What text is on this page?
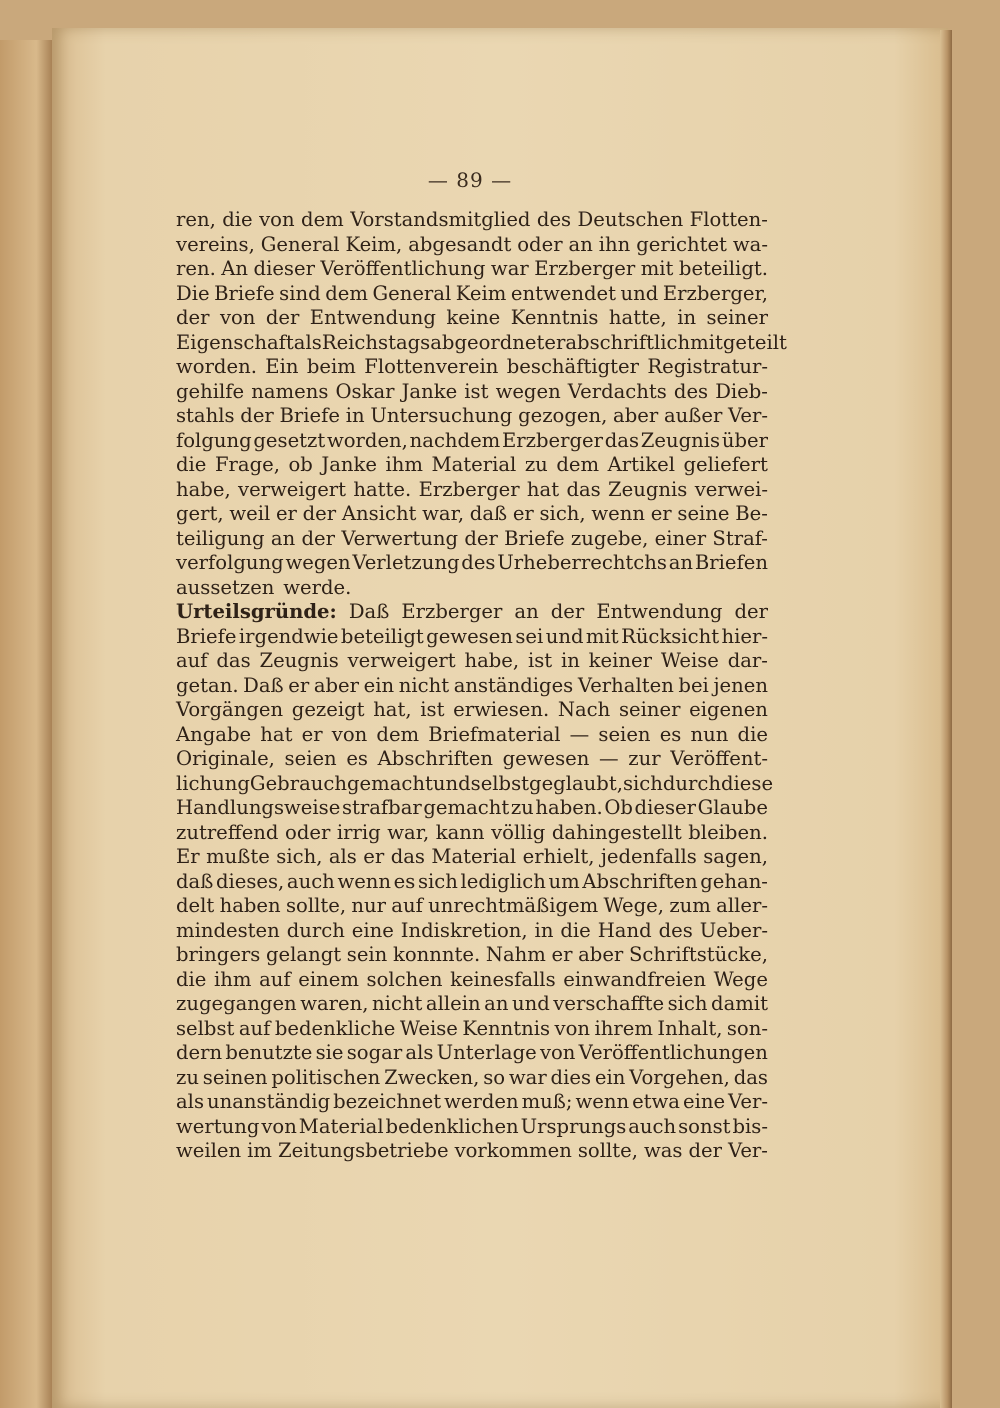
— 89 —
ren, die von dem Vorstandsmitglied des Deutschen Flotten-
vereins, General Keim, abgesandt oder an ihn gerichtet wa-
ren. An dieser Veröffentlichung war Erzberger mit beteiligt.
Die Briefe sind dem General Keim entwendet und Erzberger,
der von der Entwendung keine Kenntnis hatte, in seiner
Eigenschaft als Reichstagsabgeordneter abschriftlich mitgeteilt
worden. Ein beim Flottenverein beschäftigter Registratur-
gehilfe namens Oskar Janke ist wegen Verdachts des Dieb-
stahls der Briefe in Untersuchung gezogen, aber außer Ver-
folgung gesetzt worden, nachdem Erzberger das Zeugnis über
die Frage, ob Janke ihm Material zu dem Artikel geliefert
habe, verweigert hatte. Erzberger hat das Zeugnis verwei-
gert, weil er der Ansicht war, daß er sich, wenn er seine Be-
teiligung an der Verwertung der Briefe zugebe, einer Straf-
verfolgung wegen Verletzung des Urheberrechtchs an Briefen
aussetzen werde.
Urteilsgründe: Daß Erzberger an der Entwendung der
Briefe irgendwie beteiligt gewesen sei und mit Rücksicht hier-
auf das Zeugnis verweigert habe, ist in keiner Weise dar-
getan. Daß er aber ein nicht anständiges Verhalten bei jenen
Vorgängen gezeigt hat, ist erwiesen. Nach seiner eigenen
Angabe hat er von dem Briefmaterial — seien es nun die
Originale, seien es Abschriften gewesen — zur Veröffent-
lichung Gebrauch gemacht und selbst geglaubt, sich durch diese
Handlungsweise strafbar gemacht zu haben. Ob dieser Glaube
zutreffend oder irrig war, kann völlig dahingestellt bleiben.
Er mußte sich, als er das Material erhielt, jedenfalls sagen,
daß dieses, auch wenn es sich lediglich um Abschriften gehan-
delt haben sollte, nur auf unrechtmäßigem Wege, zum aller-
mindesten durch eine Indiskretion, in die Hand des Ueber-
bringers gelangt sein konnnte. Nahm er aber Schriftstücke,
die ihm auf einem solchen keinesfalls einwandfreien Wege
zugegangen waren, nicht allein an und verschaffte sich damit
selbst auf bedenkliche Weise Kenntnis von ihrem Inhalt, son-
dern benutzte sie sogar als Unterlage von Veröffentlichungen
zu seinen politischen Zwecken, so war dies ein Vorgehen, das
als unanständig bezeichnet werden muß; wenn etwa eine Ver-
wertung von Material bedenklichen Ursprungs auch sonst bis-
weilen im Zeitungsbetriebe vorkommen sollte, was der Ver-
